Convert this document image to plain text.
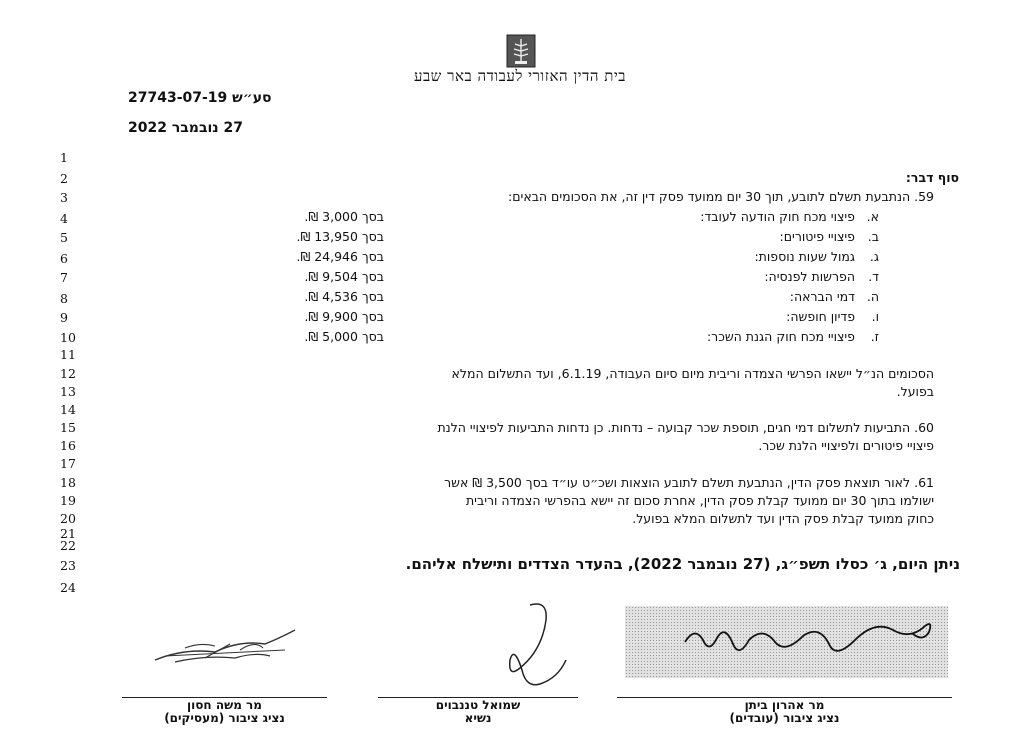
בית הדין האזורי לעבודה באר שבע
סע״ש 27743-07-19
27 נובמבר 2022
1
2
3
4
5
6
7
8
9
10
11
12
13
14
15
16
17
18
19
20
21
22
23
24
סוף דבר:
59. הנתבעת תשלם לתובע, תוך 30 יום ממועד פסק דין זה, את הסכומים הבאים:
א.
פיצוי מכח חוק הודעה לעובד:
בסך 3,000 ₪.
ב.
פיצויי פיטורים:
בסך 13,950 ₪.
ג.
גמול שעות נוספות:
בסך 24,946 ₪.
ד.
הפרשות לפנסיה:
בסך 9,504 ₪.
ה.
דמי הבראה:
בסך 4,536 ₪.
ו.
פדיון חופשה:
בסך 9,900 ₪.
ז.
פיצויי מכח חוק הגנת השכר:
בסך 5,000 ₪.
הסכומים הנ״ל יישאו הפרשי הצמדה וריבית מיום סיום העבודה, 6.1.19, ועד התשלום המלא
בפועל.
60. התביעות לתשלום דמי חגים, תוספת שכר קבועה – נדחות. כן נדחות התביעות לפיצויי הלנת
פיצויי פיטורים ולפיצויי הלנת שכר.
61. לאור תוצאת פסק הדין, הנתבעת תשלם לתובע הוצאות ושכ״ט עו״ד בסך 3,500 ₪ אשר
ישולמו בתוך 30 יום ממועד קבלת פסק הדין, אחרת סכום זה יישא בהפרשי הצמדה וריבית
כחוק ממועד קבלת פסק הדין ועד לתשלום המלא בפועל.
ניתן היום, ג׳ כסלו תשפ״ג, (27 נובמבר 2022), בהעדר הצדדים ותישלח אליהם.
מר משה חסון
נציג ציבור (מעסיקים)
שמואל טננבוים
נשיא
מר אהרון ביתן
נציג ציבור (עובדים)
